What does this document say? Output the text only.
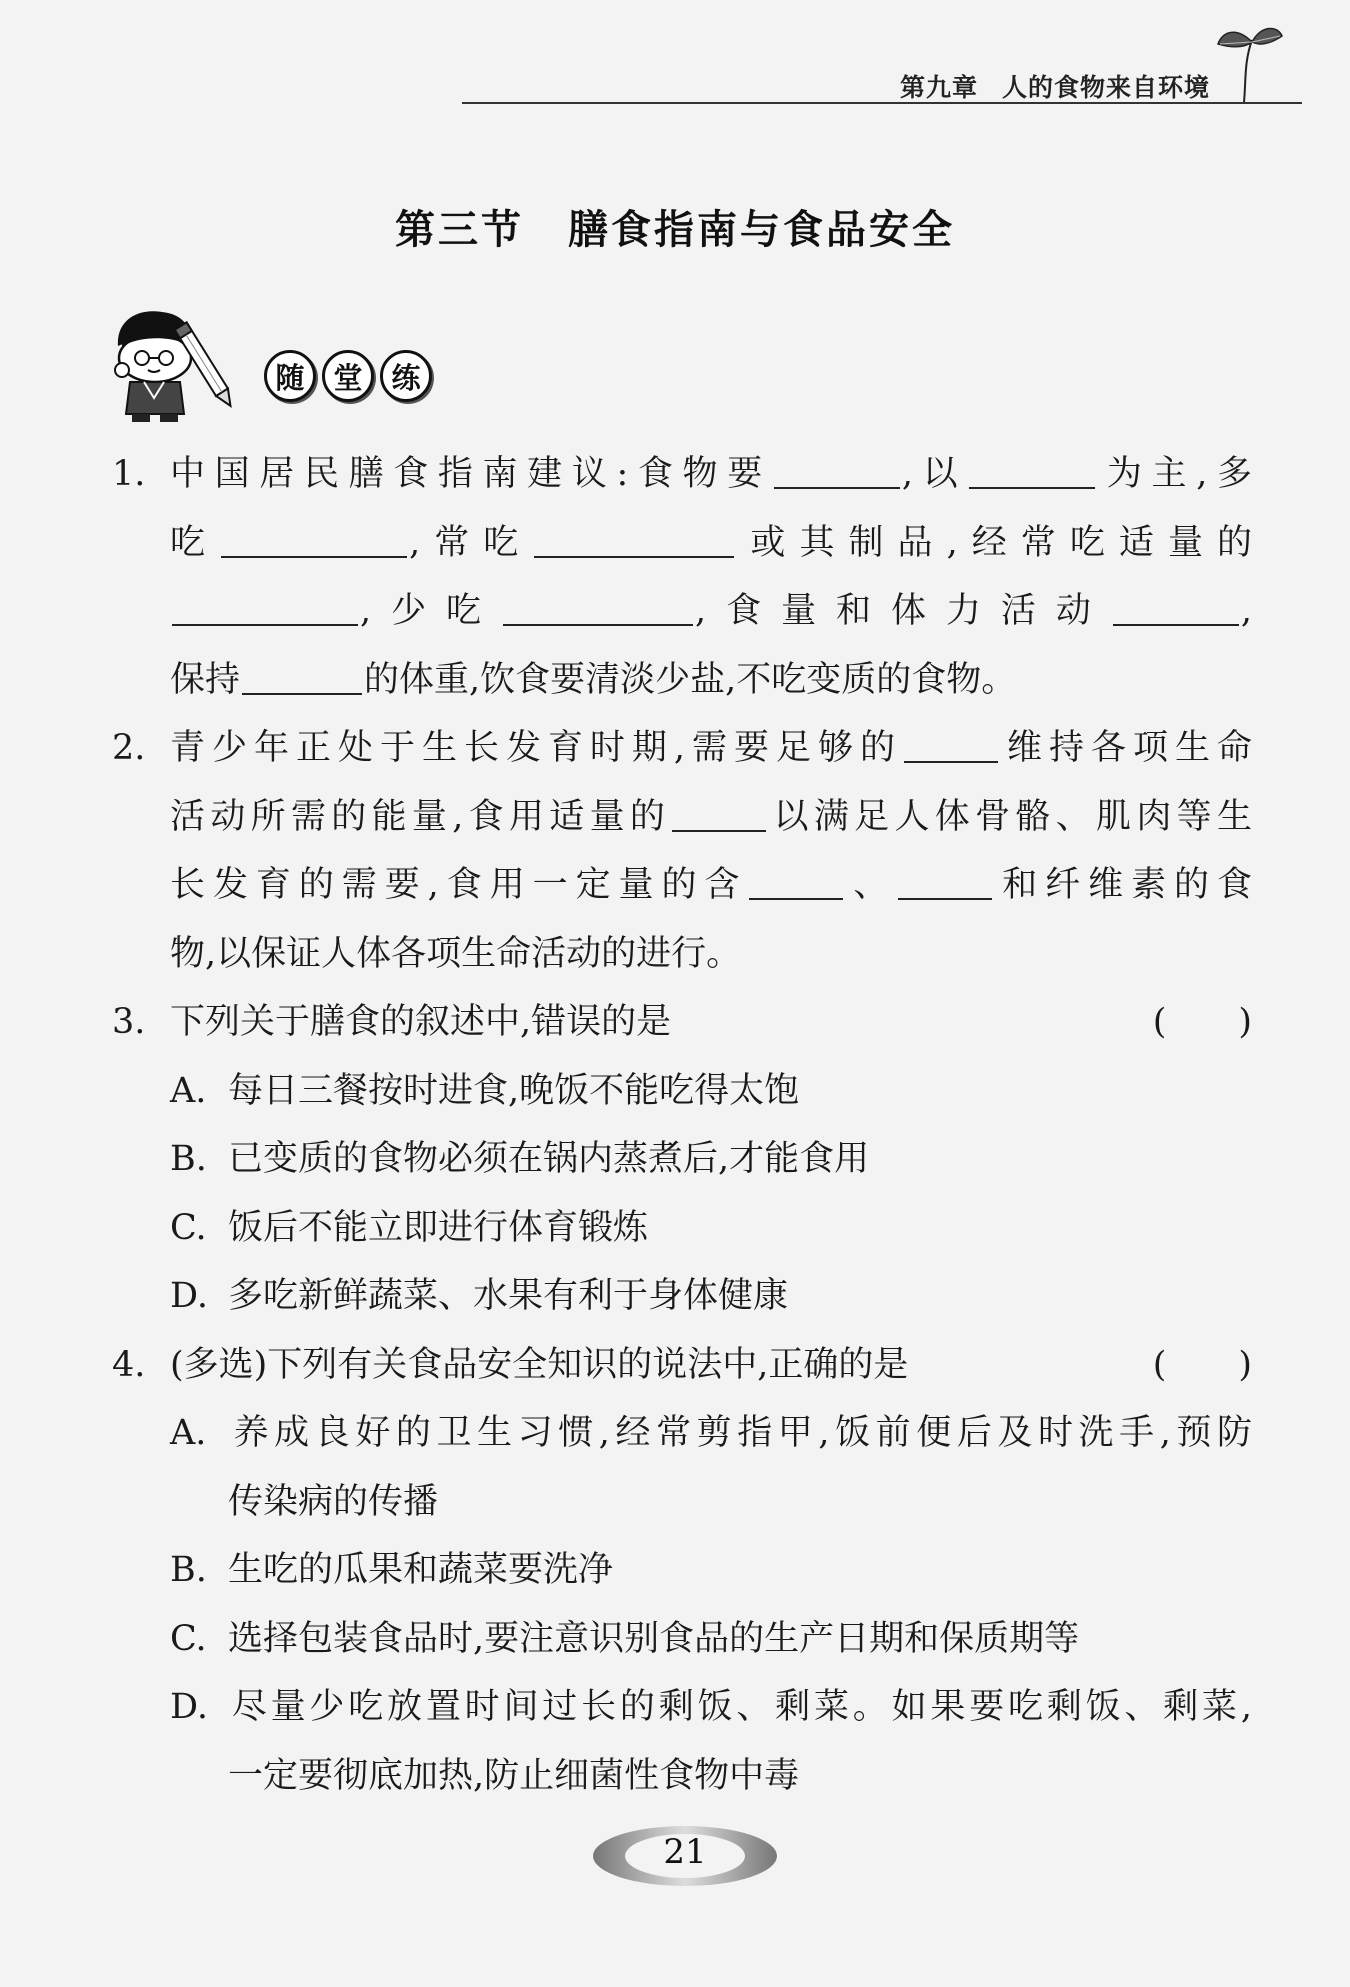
第九章 人的食物来自环境
第三节 膳食指南与食品安全
随 堂 练
1. 中国居民膳食指南建议:食物要	,以	为主,多
吃	,常吃	或其制品,经常吃适量的
,少吃	,食量和体力活动	,
保持	的体重,饮食要清淡少盐,不吃变质的食物。
2. 青少年正处于生长发育时期,需要足够的	维持各项生命
活动所需的能量,食用适量的	以满足人体骨骼、肌肉等生
长发育的需要,食用一定量的含	、	和纤维素的食
物,以保证人体各项生命活动的进行。
3. 下列关于膳食的叙述中,错误的是	( )
A. 每日三餐按时进食,晚饭不能吃得太饱
B. 已变质的食物必须在锅内蒸煮后,才能食用
C. 饭后不能立即进行体育锻炼
D. 多吃新鲜蔬菜、水果有利于身体健康
4. (多选)下列有关食品安全知识的说法中,正确的是	( )
A. 养成良好的卫生习惯,经常剪指甲,饭前便后及时洗手,预防
传染病的传播
B. 生吃的瓜果和蔬菜要洗净
C. 选择包装食品时,要注意识别食品的生产日期和保质期等
D. 尽量少吃放置时间过长的剩饭、剩菜。如果要吃剩饭、剩菜,
一定要彻底加热,防止细菌性食物中毒
21
